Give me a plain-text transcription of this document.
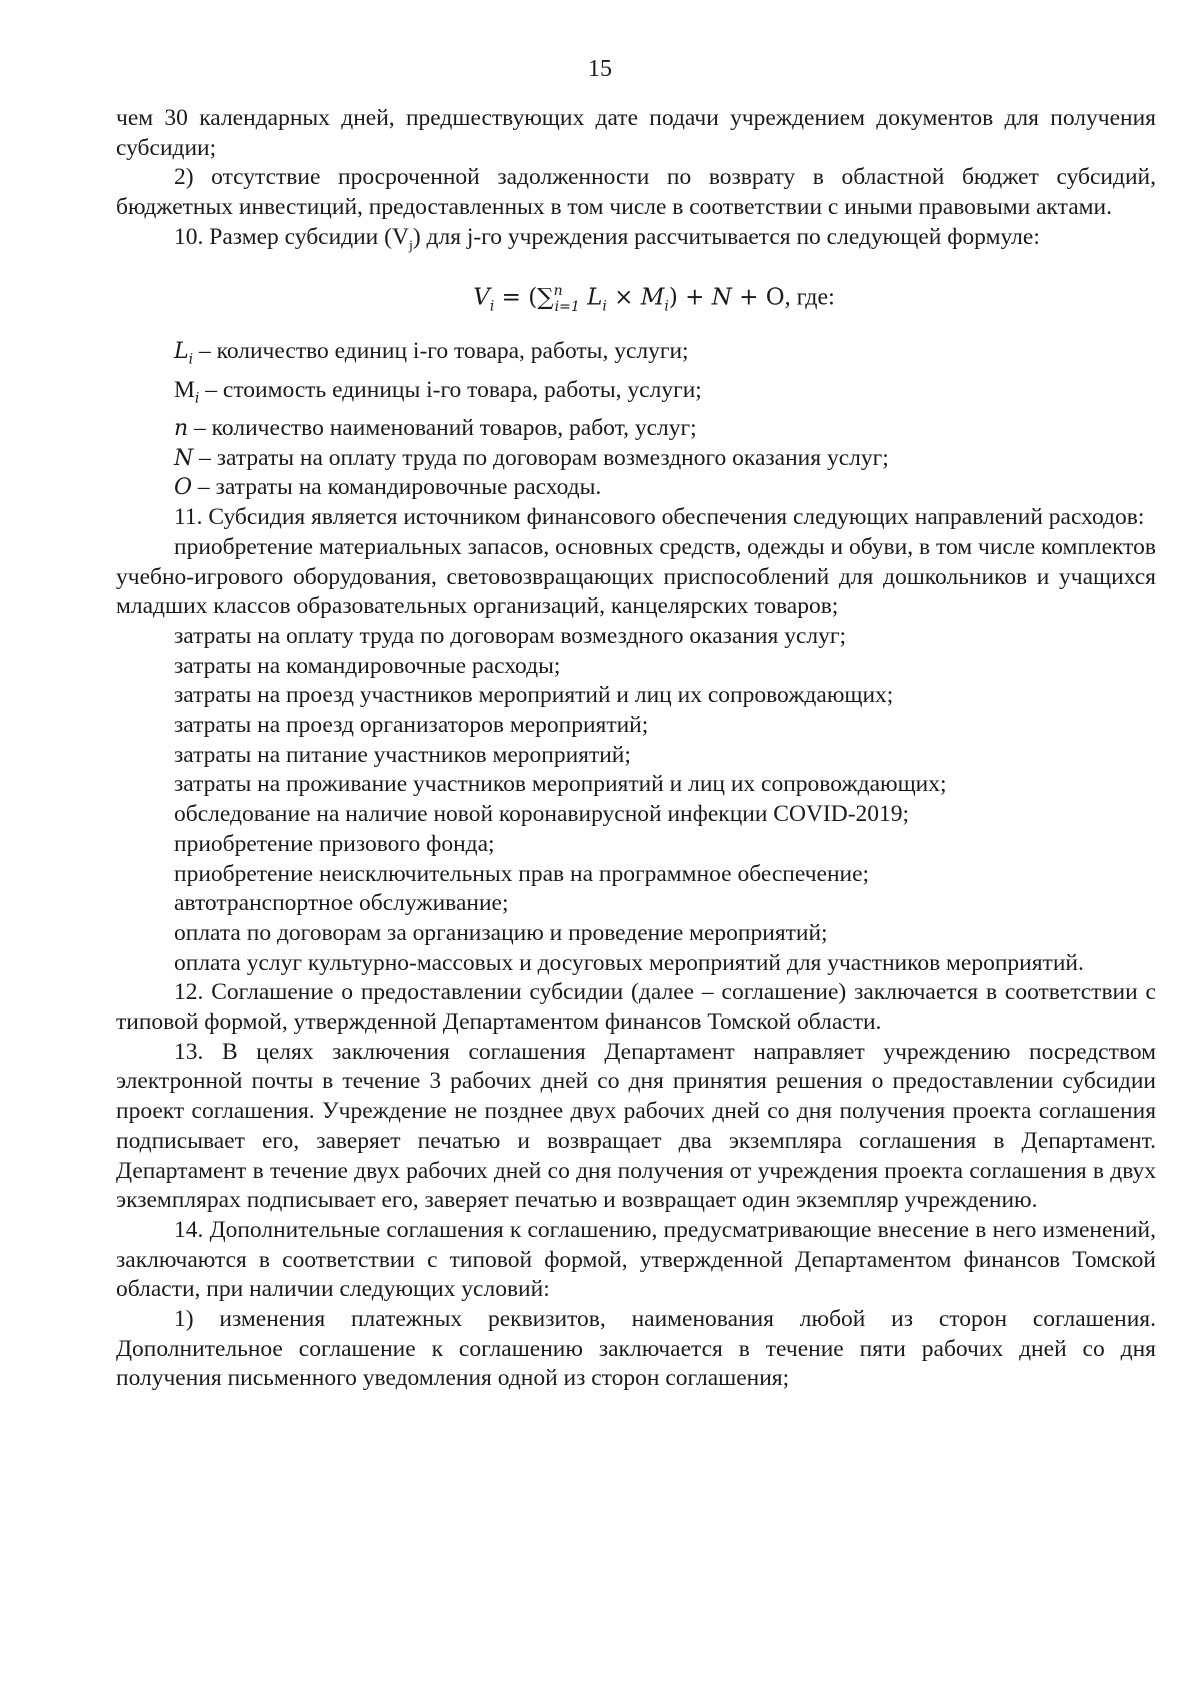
15

чем 30 календарных дней, предшествующих дате подачи учреждением документов для получения субсидии;

2) отсутствие просроченной задолженности по возврату в областной бюджет субсидий, бюджетных инвестиций, предоставленных в том числе в соответствии с иными правовыми актами.

10. Размер субсидии $(V_j)$ для j-го учреждения рассчитывается по следующей формуле:

$V_i = (\sum^n_{i=1}$ $L_i \times M_i) + N + O$, где:

$L_i$ – количество единиц i-го товара, работы, услуги;

$M_i$ – стоимость единицы i-го товара, работы, услуги;

n – количество наименований товаров, работ, услуг;

N – затраты на оплату труда по договорам возмездного оказания услуг;

O – затраты на командировочные расходы.

11. Субсидия является источником финансового обеспечения следующих направлений расходов:

приобретение материальных запасов, основных средств, одежды и обуви, в том числе комплектов учебно-игрового оборудования, световозвращающих приспособлений для дошкольников и учащихся младших классов образовательных организаций, канцелярских товаров;

затраты на оплату труда по договорам возмездного оказания услуг;

затраты на командировочные расходы;

затраты на проезд участников мероприятий и лиц их сопровождающих;

затраты на проезд организаторов мероприятий;

затраты на питание участников мероприятий;

затраты на проживание участников мероприятий и лиц их сопровождающих;

обследование на наличие новой коронавирусной инфекции COVID-2019;

приобретение призового фонда;

приобретение неисключительных прав на программное обеспечение;

автотранспортное обслуживание;

оплата по договорам за организацию и проведение мероприятий;

оплата услуг культурно-массовых и досуговых мероприятий для участников мероприятий.

12. Соглашение о предоставлении субсидии (далее – соглашение) заключается в соответствии с типовой формой, утвержденной Департаментом финансов Томской области.

13. В целях заключения соглашения Департамент направляет учреждению посредством электронной почты в течение 3 рабочих дней со дня принятия решения о предоставлении субсидии проект соглашения. Учреждение не позднее двух рабочих дней со дня получения проекта соглашения подписывает его, заверяет печатью и возвращает два экземпляра соглашения в Департамент. Департамент в течение двух рабочих дней со дня получения от учреждения проекта соглашения в двух экземплярах подписывает его, заверяет печатью и возвращает один экземпляр учреждению.

14. Дополнительные соглашения к соглашению, предусматривающие внесение в него изменений, заключаются в соответствии с типовой формой, утвержденной Департаментом финансов Томской области, при наличии следующих условий:

1) изменения платежных реквизитов, наименования любой из сторон соглашения. Дополнительное соглашение к соглашению заключается в течение пяти рабочих дней со дня получения письменного уведомления одной из сторон соглашения;
